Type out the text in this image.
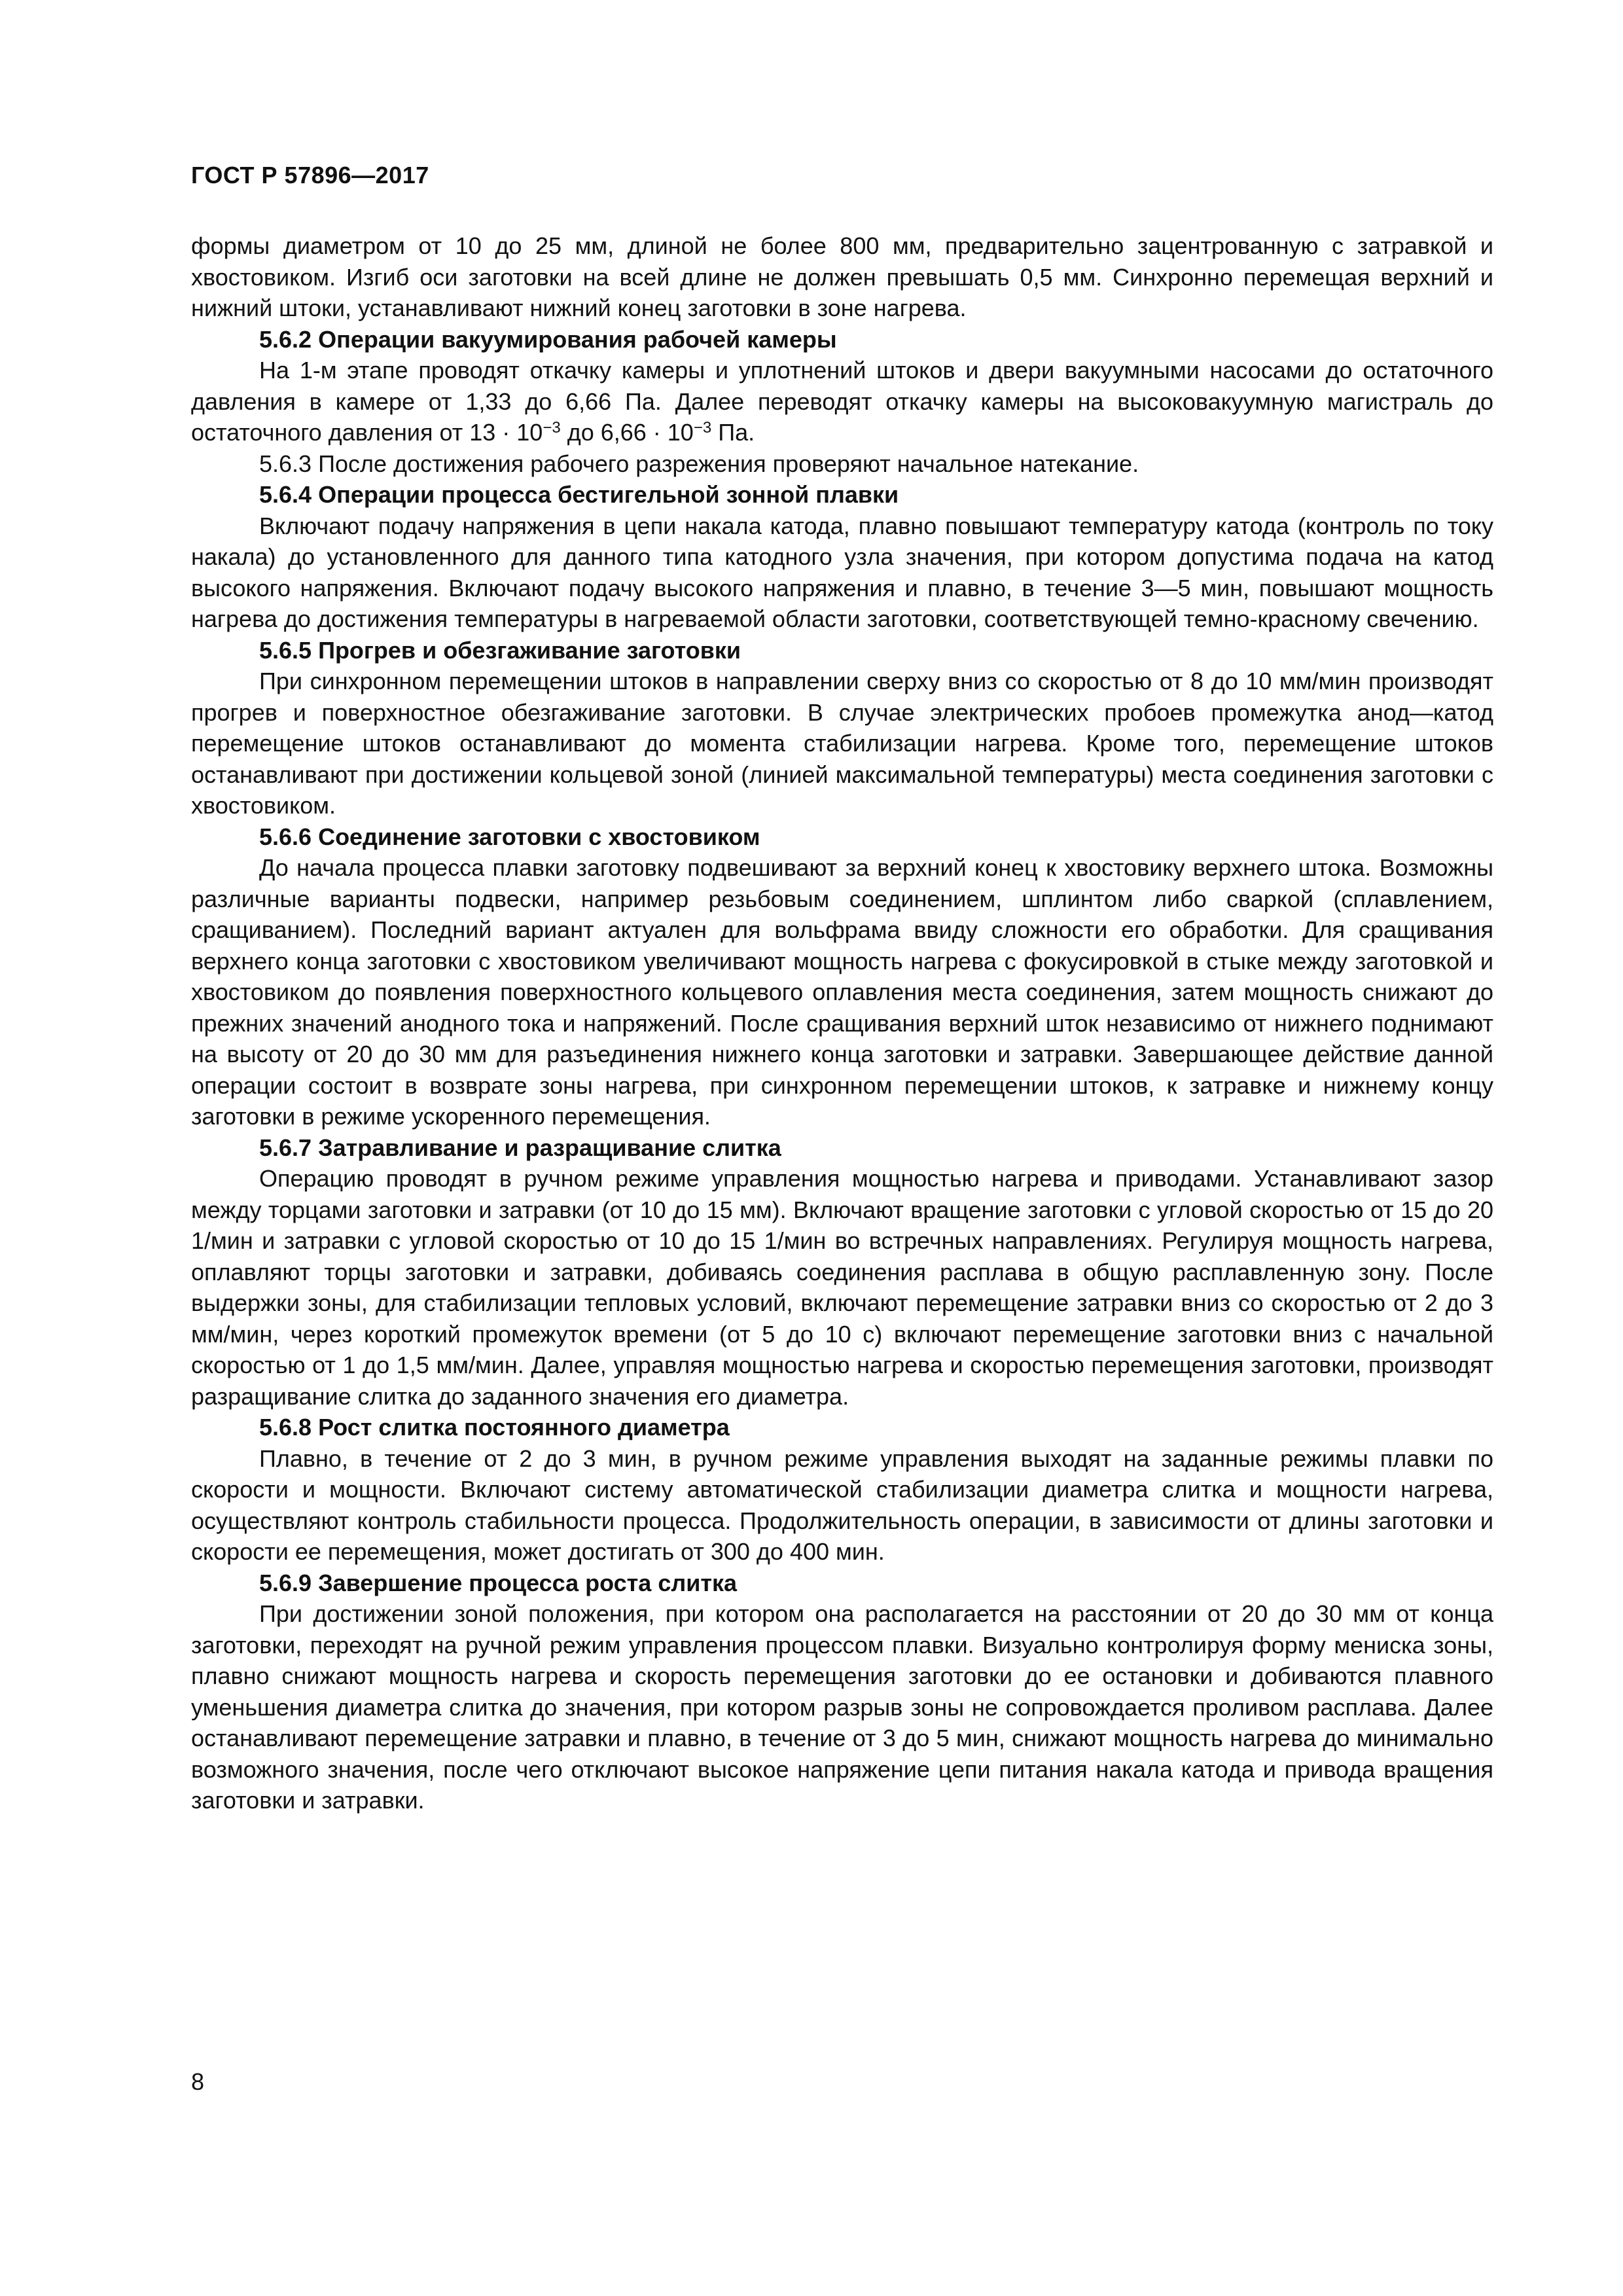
ГОСТ Р 57896—2017

формы диаметром от 10 до 25 мм, длиной не более 800 мм, предварительно зацентрованную с затравкой и хвостовиком. Изгиб оси заготовки на всей длине не должен превышать 0,5 мм. Синхронно перемещая верхний и нижний штоки, устанавливают нижний конец заготовки в зоне нагрева.

5.6.2 Операции вакуумирования рабочей камеры

На 1-м этапе проводят откачку камеры и уплотнений штоков и двери вакуумными насосами до остаточного давления в камере от 1,33 до 6,66 Па. Далее переводят откачку камеры на высоковакуумную магистраль до остаточного давления от $13 \cdot 10^{-3}$ до $6,66 \cdot 10^{-3}$ Па.

5.6.3 После достижения рабочего разрежения проверяют начальное натекание.
5.6.4 Операции процесса бестигельной зонной плавки

Включают подачу напряжения в цепи накала катода, плавно повышают температуру катода (контроль по току накала) до установленного для данного типа катодного узла значения, при котором допустима подача на катод высокого напряжения. Включают подачу высокого напряжения и плавно, в течение 3—5 мин, повышают мощность нагрева до достижения температуры в нагреваемой области заготовки, соответствующей темно-красному свечению.

5.6.5 Прогрев и обезгаживание заготовки

При синхронном перемещении штоков в направлении сверху вниз со скоростью от 8 до 10 мм/мин производят прогрев и поверхностное обезгаживание заготовки. В случае электрических пробоев промежутка анод—катод перемещение штоков останавливают до момента стабилизации нагрева. Кроме того, перемещение штоков останавливают при достижении кольцевой зоной (линией максимальной температуры) места соединения заготовки с хвостовиком.

5.6.6 Соединение заготовки с хвостовиком

До начала процесса плавки заготовку подвешивают за верхний конец к хвостовику верхнего штока. Возможны различные варианты подвески, например резьбовым соединением, шплинтом либо сваркой (сплавлением, сращиванием). Последний вариант актуален для вольфрама ввиду сложности его обработки. Для сращивания верхнего конца заготовки с хвостовиком увеличивают мощность нагрева с фокусировкой в стыке между заготовкой и хвостовиком до появления поверхностного кольцевого оплавления места соединения, затем мощность снижают до прежних значений анодного тока и напряжений. После сращивания верхний шток независимо от нижнего поднимают на высоту от 20 до 30 мм для разъединения нижнего конца заготовки и затравки. Завершающее действие данной операции состоит в возврате зоны нагрева, при синхронном перемещении штоков, к затравке и нижнему концу заготовки в режиме ускоренного перемещения.

5.6.7 Затравливание и разращивание слитка

Операцию проводят в ручном режиме управления мощностью нагрева и приводами. Устанавливают зазор между торцами заготовки и затравки (от 10 до 15 мм). Включают вращение заготовки с угловой скоростью от 15 до 20 1/мин и затравки с угловой скоростью от 10 до 15 1/мин во встречных направлениях. Регулируя мощность нагрева, оплавляют торцы заготовки и затравки, добиваясь соединения расплава в общую расплавленную зону. После выдержки зоны, для стабилизации тепловых условий, включают перемещение затравки вниз со скоростью от 2 до 3 мм/мин, через короткий промежуток времени (от 5 до 10 с) включают перемещение заготовки вниз с начальной скоростью от 1 до 1,5 мм/мин. Далее, управляя мощностью нагрева и скоростью перемещения заготовки, производят разращивание слитка до заданного значения его диаметра.

5.6.8 Рост слитка постоянного диаметра

Плавно, в течение от 2 до 3 мин, в ручном режиме управления выходят на заданные режимы плавки по скорости и мощности. Включают систему автоматической стабилизации диаметра слитка и мощности нагрева, осуществляют контроль стабильности процесса. Продолжительность операции, в зависимости от длины заготовки и скорости ее перемещения, может достигать от 300 до 400 мин.

5.6.9 Завершение процесса роста слитка

При достижении зоной положения, при котором она располагается на расстоянии от 20 до 30 мм от конца заготовки, переходят на ручной режим управления процессом плавки. Визуально контролируя форму мениска зоны, плавно снижают мощность нагрева и скорость перемещения заготовки до ее остановки и добиваются плавного уменьшения диаметра слитка до значения, при котором разрыв зоны не сопровождается проливом расплава. Далее останавливают перемещение затравки и плавно, в течение от 3 до 5 мин, снижают мощность нагрева до минимально возможного значения, после чего отключают высокое напряжение цепи питания накала катода и привода вращения заготовки и затравки.

8
